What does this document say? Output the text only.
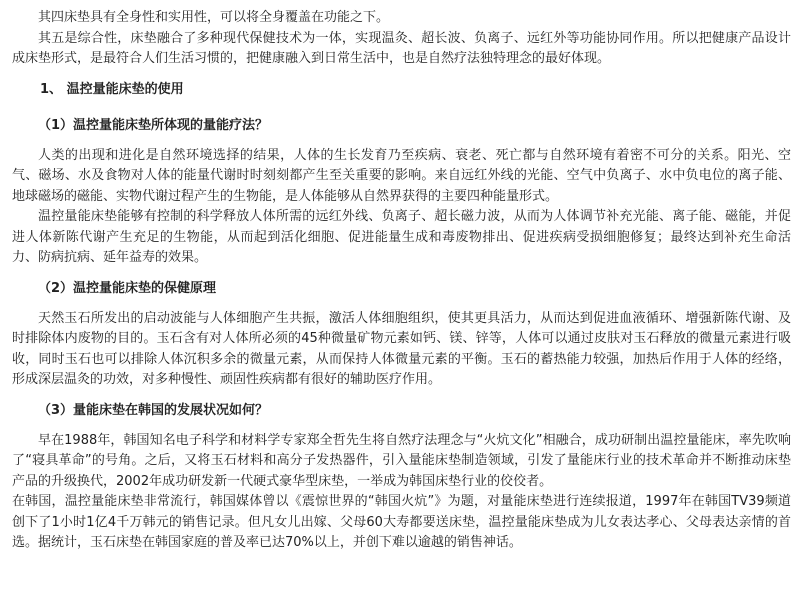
其四床垫具有全身性和实用性，可以将全身覆盖在功能之下。

其五是综合性，床垫融合了多种现代保健技术为一体，实现温灸、超长波、负离子、远红外等功能协同作用。所以把健康产品设计成床垫形式，是最符合人们生活习惯的，把健康融入到日常生活中，也是自然疗法独特理念的最好体现。

1、 温控量能床垫的使用
（1）温控量能床垫所体现的量能疗法？

人类的出现和进化是自然环境选择的结果，人体的生长发育乃至疾病、衰老、死亡都与自然环境有着密不可分的关系。阳光、空气、磁场、水及食物对人体的能量代谢时时刻刻都产生至关重要的影响。来自远红外线的光能、空气中负离子、水中负电位的离子能、地球磁场的磁能、实物代谢过程产生的生物能，是人体能够从自然界获得的主要四种能量形式。

温控量能床垫能够有控制的科学释放人体所需的远红外线、负离子、超长磁力波，从而为人体调节补充光能、离子能、磁能，并促进人体新陈代谢产生充足的生物能，从而起到活化细胞、促进能量生成和毒废物排出、促进疾病受损细胞修复；最终达到补充生命活力、防病抗病、延年益寿的效果。

（2）温控量能床垫的保健原理

天然玉石所发出的启动波能与人体细胞产生共振，激活人体细胞组织，使其更具活力，从而达到促进血液循环、增强新陈代谢、及时排除体内废物的目的。玉石含有对人体所必须的45种微量矿物元素如钙、镁、锌等，人体可以通过皮肤对玉石释放的微量元素进行吸收，同时玉石也可以排除人体沉积多余的微量元素，从而保持人体微量元素的平衡。玉石的蓄热能力较强，加热后作用于人体的经络，形成深层温灸的功效，对多种慢性、顽固性疾病都有很好的辅助医疗作用。

（3）量能床垫在韩国的发展状况如何？

早在1988年，韩国知名电子科学和材料学专家郑全哲先生将自然疗法理念与“火炕文化”相融合，成功研制出温控量能床，率先吹响了“寝具革命”的号角。之后，又将玉石材料和高分子发热器件，引入量能床垫制造领域，引发了量能床行业的技术革命并不断推动床垫产品的升级换代，2002年成功研发新一代硬式豪华型床垫，一举成为韩国床垫行业的佼佼者。

在韩国，温控量能床垫非常流行，韩国媒体曾以《震惊世界的“韩国火炕”》为题，对量能床垫进行连续报道，1997年在韩国TV39频道创下了1小时1亿4千万韩元的销售记录。但凡女儿出嫁、父母60大寿都要送床垫，温控量能床垫成为儿女表达孝心、父母表达亲情的首选。据统计，玉石床垫在韩国家庭的普及率已达70%以上，并创下难以逾越的销售神话。
